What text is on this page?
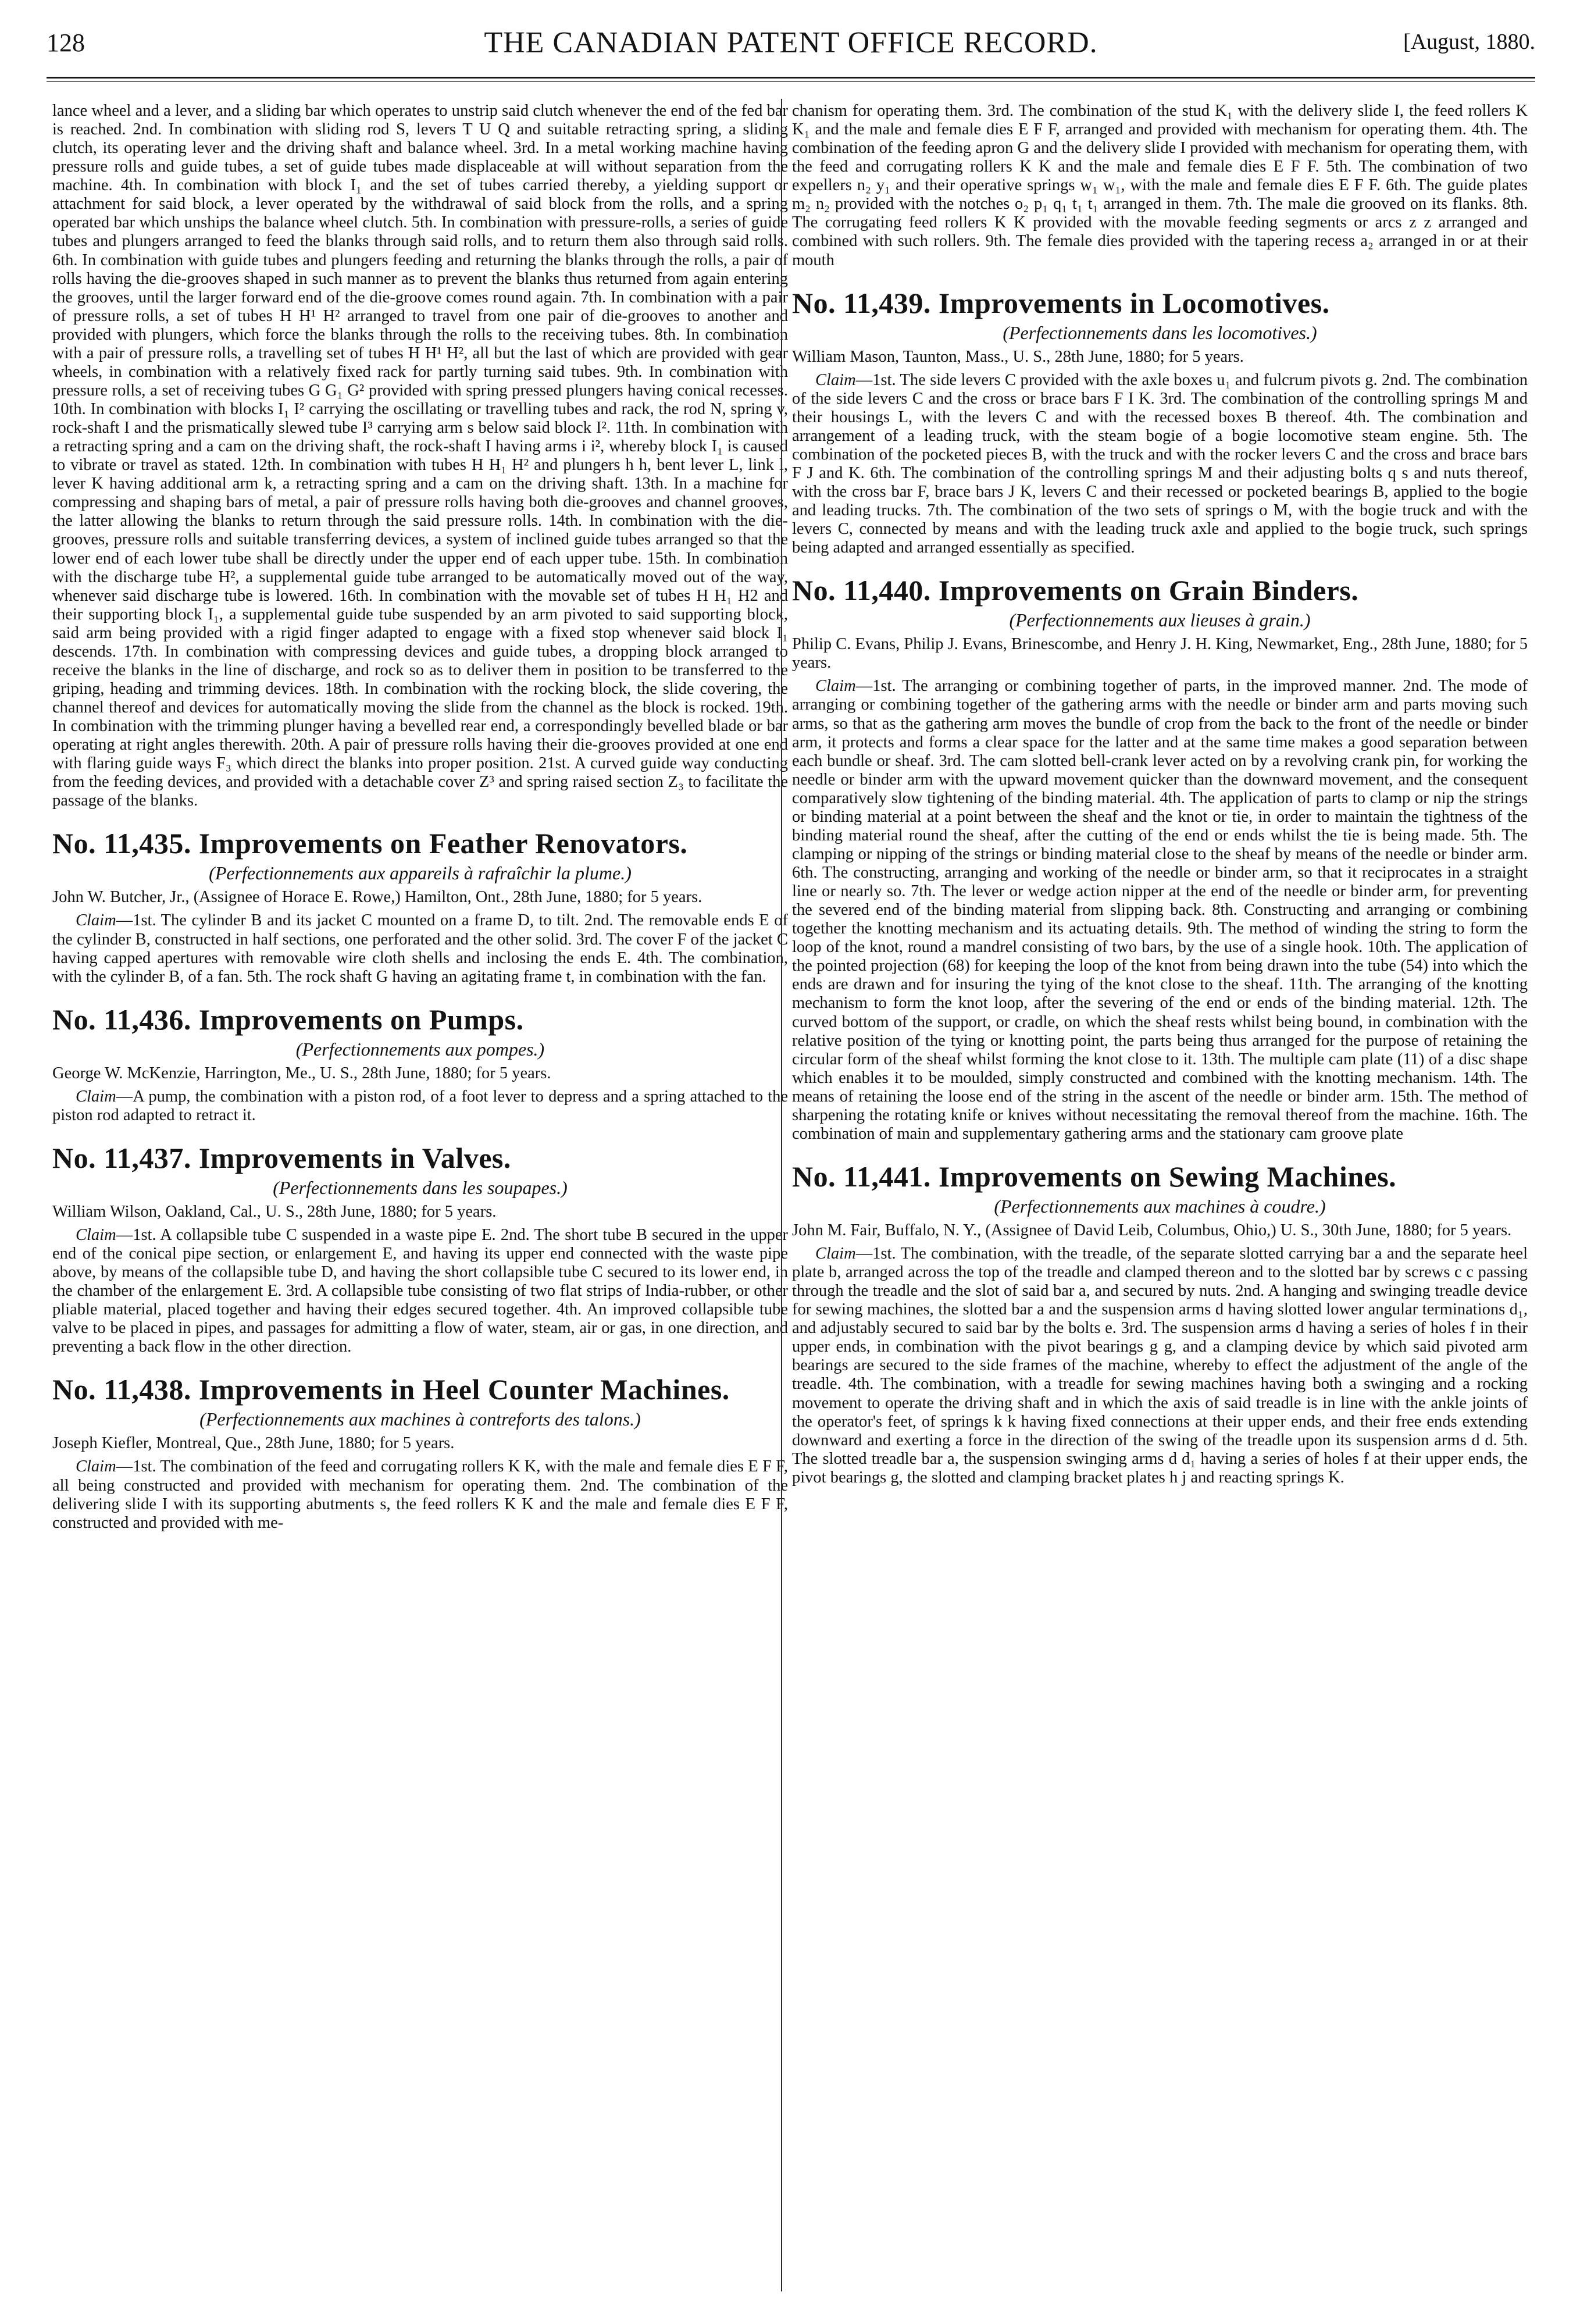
128	THE CANADIAN PATENT OFFICE RECORD.	[August, 1880.

lance wheel and a lever, and a sliding bar which operates to unstrip said clutch whenever the end of the fed bar is reached. 2nd. In combination with sliding rod S, levers T U Q and suitable retracting spring, a sliding clutch, its operating lever and the driving shaft and balance wheel. 3rd. In a metal working machine having pressure rolls and guide tubes, a set of guide tubes made displaceable at will without separation from the machine. 4th. In combination with block I₁ and the set of tubes carried thereby, a yielding support or attachment for said block, a lever operated by the withdrawal of said block from the rolls, and a spring operated bar which unships the balance wheel clutch. 5th. In combination with pressure-rolls, a series of guide tubes and plungers arranged to feed the blanks through said rolls, and to return them also through said rolls. 6th. In combination with guide tubes and plungers feeding and returning the blanks through the rolls, a pair of rolls having the die-grooves shaped in such manner as to prevent the blanks thus returned from again entering the grooves, until the larger forward end of the die-groove comes round again. 7th. In combination with a pair of pressure rolls, a set of tubes H H¹ H² arranged to travel from one pair of die-grooves to another and provided with plungers, which force the blanks through the rolls to the receiving tubes. 8th. In combination with a pair of pressure rolls, a travelling set of tubes H H¹ H², all but the last of which are provided with gear wheels, in combination with a relatively fixed rack for partly turning said tubes. 9th. In combination with pressure rolls, a set of receiving tubes G G₁ G² provided with spring pressed plungers having conical recesses. 10th. In combination with blocks I₁ I² carrying the oscillating or travelling tubes and rack, the rod N, spring v, rock-shaft I and the prismatically slewed tube I³ carrying arm s below said block I². 11th. In combination with a retracting spring and a cam on the driving shaft, the rock-shaft I having arms i i², whereby block I₁ is caused to vibrate or travel as stated. 12th. In combination with tubes H H₁ H² and plungers h h, bent lever L, link l, lever K having additional arm k, a retracting spring and a cam on the driving shaft. 13th. In a machine for compressing and shaping bars of metal, a pair of pressure rolls having both die-grooves and channel grooves, the latter allowing the blanks to return through the said pressure rolls. 14th. In combination with the die-grooves, pressure rolls and suitable transferring devices, a system of inclined guide tubes arranged so that the lower end of each lower tube shall be directly under the upper end of each upper tube. 15th. In combination with the discharge tube H², a supplemental guide tube arranged to be automatically moved out of the way, whenever said discharge tube is lowered. 16th. In combination with the movable set of tubes H H₁ H2 and their supporting block I₁, a supplemental guide tube suspended by an arm pivoted to said supporting block, said arm being provided with a rigid finger adapted to engage with a fixed stop whenever said block I₁ descends. 17th. In combination with compressing devices and guide tubes, a dropping block arranged to receive the blanks in the line of discharge, and rock so as to deliver them in position to be transferred to the griping, heading and trimming devices. 18th. In combination with the rocking block, the slide covering, the channel thereof and devices for automatically moving the slide from the channel as the block is rocked. 19th. In combination with the trimming plunger having a bevelled rear end, a correspondingly bevelled blade or bar operating at right angles therewith. 20th. A pair of pressure rolls having their die-grooves provided at one end with flaring guide ways F₃ which direct the blanks into proper position. 21st. A curved guide way conducting from the feeding devices, and provided with a detachable cover Z³ and spring raised section Z₃ to facilitate the passage of the blanks.

No. 11,435. Improvements on Feather Renovators.
(Perfectionnements aux appareils à rafraîchir la plume.)

John W. Butcher, Jr., (Assignee of Horace E. Rowe,) Hamilton, Ont., 28th June, 1880; for 5 years.

Claim—1st. The cylinder B and its jacket C mounted on a frame D, to tilt. 2nd. The removable ends E of the cylinder B, constructed in half sections, one perforated and the other solid. 3rd. The cover F of the jacket C having capped apertures with removable wire cloth shells and inclosing the ends E. 4th. The combination, with the cylinder B, of a fan. 5th. The rock shaft G having an agitating frame t, in combination with the fan.

No. 11,436. Improvements on Pumps.
(Perfectionnements aux pompes.)

George W. McKenzie, Harrington, Me., U. S., 28th June, 1880; for 5 years.

Claim—A pump, the combination with a piston rod, of a foot lever to depress and a spring attached to the piston rod adapted to retract it.

No. 11,437. Improvements in Valves.
(Perfectionnements dans les soupapes.)

William Wilson, Oakland, Cal., U. S., 28th June, 1880; for 5 years.

Claim—1st. A collapsible tube C suspended in a waste pipe E. 2nd. The short tube B secured in the upper end of the conical pipe section, or enlargement E, and having its upper end connected with the waste pipe above, by means of the collapsible tube D, and having the short collapsible tube C secured to its lower end, in the chamber of the enlargement E. 3rd. A collapsible tube consisting of two flat strips of India-rubber, or other pliable material, placed together and having their edges secured together. 4th. An improved collapsible tube valve to be placed in pipes, and passages for admitting a flow of water, steam, air or gas, in one direction, and preventing a back flow in the other direction.

No. 11,438. Improvements in Heel Counter Machines.
(Perfectionnements aux machines à contreforts des talons.)

Joseph Kiefler, Montreal, Que., 28th June, 1880; for 5 years.

Claim—1st. The combination of the feed and corrugating rollers K K, with the male and female dies E F F, all being constructed and provided with mechanism for operating them. 2nd. The combination of the delivering slide I with its supporting abutments s, the feed rollers K K and the male and female dies E F F, constructed and provided with me-

chanism for operating them. 3rd. The combination of the stud K₁ with the delivery slide I, the feed rollers K K₁ and the male and female dies E F F, arranged and provided with mechanism for operating them. 4th. The combination of the feeding apron G and the delivery slide I provided with mechanism for operating them, with the feed and corrugating rollers K K and the male and female dies E F F. 5th. The combination of two expellers n₂ y₁ and their operative springs w₁ w₁, with the male and female dies E F F. 6th. The guide plates m₂ n₂ provided with the notches o₂ p₁ q₁ t₁ t₁ arranged in them. 7th. The male die grooved on its flanks. 8th. The corrugating feed rollers K K provided with the movable feeding segments or arcs z z arranged and combined with such rollers. 9th. The female dies provided with the tapering recess a₂ arranged in or at their mouth

No. 11,439. Improvements in Locomotives.
(Perfectionnements dans les locomotives.)

William Mason, Taunton, Mass., U. S., 28th June, 1880; for 5 years.

Claim—1st. The side levers C provided with the axle boxes u₁ and fulcrum pivots g. 2nd. The combination of the side levers C and the cross or brace bars F I K. 3rd. The combination of the controlling springs M and their housings L, with the levers C and with the recessed boxes B thereof. 4th. The combination and arrangement of a leading truck, with the steam bogie of a bogie locomotive steam engine. 5th. The combination of the pocketed pieces B, with the truck and with the rocker levers C and the cross and brace bars F J and K. 6th. The combination of the controlling springs M and their adjusting bolts q s and nuts thereof, with the cross bar F, brace bars J K, levers C and their recessed or pocketed bearings B, applied to the bogie and leading trucks. 7th. The combination of the two sets of springs o M, with the bogie truck and with the levers C, connected by means and with the leading truck axle and applied to the bogie truck, such springs being adapted and arranged essentially as specified.

No. 11,440. Improvements on Grain Binders.
(Perfectionnements aux lieuses à grain.)

Philip C. Evans, Philip J. Evans, Brinescombe, and Henry J. H. King, Newmarket, Eng., 28th June, 1880; for 5 years.

Claim—1st. The arranging or combining together of parts, in the improved manner. 2nd. The mode of arranging or combining together of the gathering arms with the needle or binder arm and parts moving such arms, so that as the gathering arm moves the bundle of crop from the back to the front of the needle or binder arm, it protects and forms a clear space for the latter and at the same time makes a good separation between each bundle or sheaf. 3rd. The cam slotted bell-crank lever acted on by a revolving crank pin, for working the needle or binder arm with the upward movement quicker than the downward movement, and the consequent comparatively slow tightening of the binding material. 4th. The application of parts to clamp or nip the strings or binding material at a point between the sheaf and the knot or tie, in order to maintain the tightness of the binding material round the sheaf, after the cutting of the end or ends whilst the tie is being made. 5th. The clamping or nipping of the strings or binding material close to the sheaf by means of the needle or binder arm. 6th. The constructing, arranging and working of the needle or binder arm, so that it reciprocates in a straight line or nearly so. 7th. The lever or wedge action nipper at the end of the needle or binder arm, for preventing the severed end of the binding material from slipping back. 8th. Constructing and arranging or combining together the knotting mechanism and its actuating details. 9th. The method of winding the string to form the loop of the knot, round a mandrel consisting of two bars, by the use of a single hook. 10th. The application of the pointed projection (68) for keeping the loop of the knot from being drawn into the tube (54) into which the ends are drawn and for insuring the tying of the knot close to the sheaf. 11th. The arranging of the knotting mechanism to form the knot loop, after the severing of the end or ends of the binding material. 12th. The curved bottom of the support, or cradle, on which the sheaf rests whilst being bound, in combination with the relative position of the tying or knotting point, the parts being thus arranged for the purpose of retaining the circular form of the sheaf whilst forming the knot close to it. 13th. The multiple cam plate (11) of a disc shape which enables it to be moulded, simply constructed and combined with the knotting mechanism. 14th. The means of retaining the loose end of the string in the ascent of the needle or binder arm. 15th. The method of sharpening the rotating knife or knives without necessitating the removal thereof from the machine. 16th. The combination of main and supplementary gathering arms and the stationary cam groove plate

No. 11,441. Improvements on Sewing Machines.
(Perfectionnements aux machines à coudre.)

John M. Fair, Buffalo, N. Y., (Assignee of David Leib, Columbus, Ohio,) U. S., 30th June, 1880; for 5 years.

Claim—1st. The combination, with the treadle, of the separate slotted carrying bar a and the separate heel plate b, arranged across the top of the treadle and clamped thereon and to the slotted bar by screws c c passing through the treadle and the slot of said bar a, and secured by nuts. 2nd. A hanging and swinging treadle device for sewing machines, the slotted bar a and the suspension arms d having slotted lower angular terminations d₁, and adjustably secured to said bar by the bolts e. 3rd. The suspension arms d having a series of holes f in their upper ends, in combination with the pivot bearings g g, and a clamping device by which said pivoted arm bearings are secured to the side frames of the machine, whereby to effect the adjustment of the angle of the treadle. 4th. The combination, with a treadle for sewing machines having both a swinging and a rocking movement to operate the driving shaft and in which the axis of said treadle is in line with the ankle joints of the operator's feet, of springs k k having fixed connections at their upper ends, and their free ends extending downward and exerting a force in the direction of the swing of the treadle upon its suspension arms d d. 5th. The slotted treadle bar a, the suspension swinging arms d d₁ having a series of holes f at their upper ends, the pivot bearings g, the slotted and clamping bracket plates h j and reacting springs K.
